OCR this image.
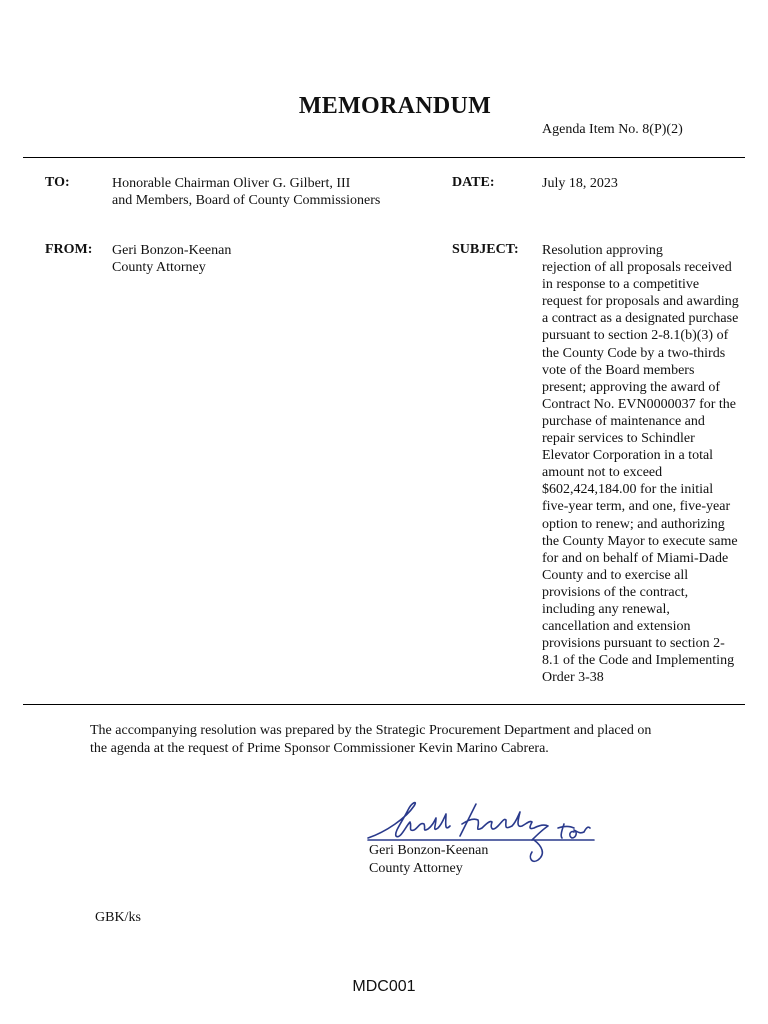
MEMORANDUM
Agenda Item No. 8(P)(2)
TO:	Honorable Chairman Oliver G. Gilbert, III
and Members, Board of County Commissioners
DATE:	July 18, 2023
FROM: Geri Bonzon-Keenan
County Attorney
SUBJECT: Resolution approving
rejection of all proposals received
in response to a competitive
request for proposals and awarding
a contract as a designated purchase
pursuant to section 2-8.1(b)(3) of
the County Code by a two-thirds
vote of the Board members
present; approving the award of
Contract No. EVN0000037 for the
purchase of maintenance and
repair services to Schindler
Elevator Corporation in a total
amount not to exceed
$602,424,184.00 for the initial
five-year term, and one, five-year
option to renew; and authorizing
the County Mayor to execute same
for and on behalf of Miami-Dade
County and to exercise all
provisions of the contract,
including any renewal,
cancellation and extension
provisions pursuant to section 2-
8.1 of the Code and Implementing
Order 3-38
The accompanying resolution was prepared by the Strategic Procurement Department and placed on
the agenda at the request of Prime Sponsor Commissioner Kevin Marino Cabrera.
Geri Bonzon-Keenan
County Attorney
GBK/ks
MDC001
